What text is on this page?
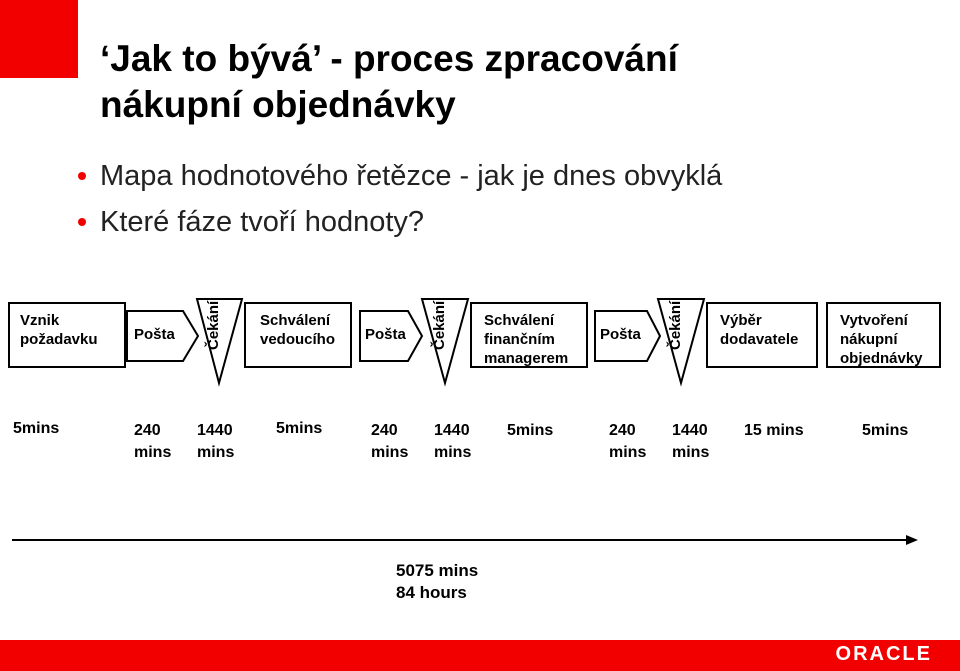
‘Jak to bývá’ - proces zpracování
nákupní objednávky
Mapa hodnotového řetězce - jak je dnes obvyklá
Které fáze tvoří hodnoty?
Vznik
požadavku
Schválení
vedoucího
Schválení
finančním
managerem
Výběr
dodavatele
Vytvoření
nákupní
objednávky
Pošta	Pošta	Pošta
Čekání	Čekání	Čekání
5mins	240
mins
1440
mins
5mins	240
mins
1440
mins
5mins	240
mins
1440
mins
15 mins	5mins
5075 mins
84 hours
ORACLE
